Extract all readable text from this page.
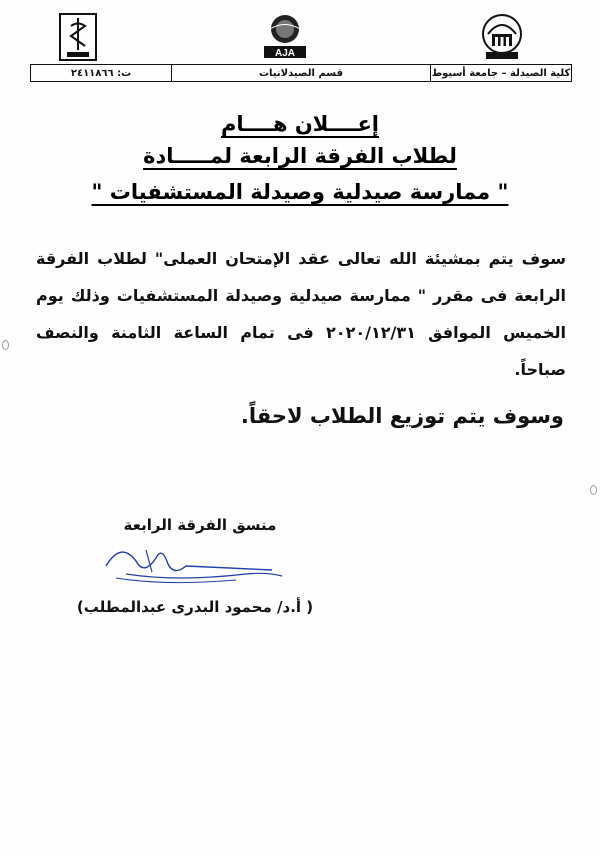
AJA
كلية الصيدلة – جامعة أسيوط
قسم الصيدلانيات
ت: ٢٤١١٨٦٦
إعــــلان هــــام
لطلاب الفرقة الرابعة لمـــــادة
" ممارسة صيدلية وصيدلة المستشفيات "

سوف يتم بمشيئة الله تعالى عقد الإمتحان العملى" لطلاب الفرقة الرابعة فى مقرر " ممارسة صيدلية وصيدلة المستشفيات وذلك يوم الخميس الموافق ٢٠٢٠/١٢/٣١ فى تمام الساعة الثامنة والنصف صباحاً.

وسوف يتم توزيع الطلاب لاحقاً.
منسق الفرقة الرابعة
( أ.د/ محمود البدرى عبدالمطلب)
